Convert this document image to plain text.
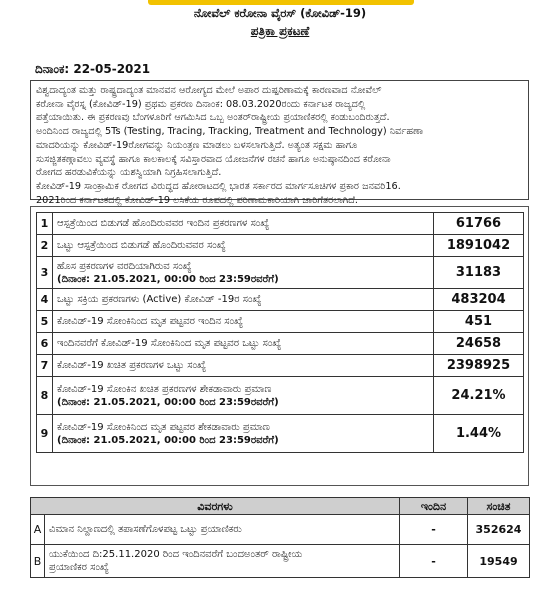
ನೋವೆಲ್ ಕರೋನಾ ವೈರಸ್ (ಕೋವಿಡ್-19)
ಪತ್ರಿಕಾ ಪ್ರಕಟಣೆ
ದಿನಾಂಕ: 22-05-2021
ವಿಶ್ವದಾದ್ಯಂತ ಮತ್ತು ರಾಷ್ಟ್ರದಾದ್ಯಂತ ಮಾನವನ ಆರೋಗ್ಯದ ಮೇಲೆ ಅಪಾರ ದುಷ್ಪರಿಣಾಮಕ್ಕೆ ಕಾರಣವಾದ ನೋವೆಲ್
ಕರೋನಾ ವೈರಸ್ನ (ಕೋವಿಡ್-19) ಪ್ರಥಮ ಪ್ರಕರಣ ದಿನಾಂಕ: 08.03.2020ರಂದು ಕರ್ನಾಟಕ ರಾಜ್ಯದಲ್ಲಿ
ಪತ್ತೆಯಾಯಿತು. ಈ ಪ್ರಕರಣವು ಬೆಂಗಳೂರಿಗೆ ಆಗಮಿಸಿದ ಒಬ್ಬ ಅಂತರ್‌ರಾಷ್ಟ್ರೀಯ ಪ್ರಯಾಣಿಕರಲ್ಲಿ ಕಂಡುಬಂದಿರುತ್ತದೆ.
ಅಂದಿನಿಂದ ರಾಜ್ಯದಲ್ಲಿ 5Ts (Testing, Tracing, Tracking, Treatment and Technology) ನಿರ್ವಹಣಾ
ಮಾದರಿಯನ್ನು ಕೋವಿಡ್-19ರೋಗವನ್ನು ನಿಯಂತ್ರಣ ಮಾಡಲು ಬಳಸಲಾಗುತ್ತಿದೆ. ಅತ್ಯಂತ ಸಕ್ಷಮ ಹಾಗೂ
ಸುಸಜ್ಜಿತಕಣ್ಗಾವಲು ವ್ಯವಸ್ಥೆ ಹಾಗೂ ಕಾಲಕಾಲಕ್ಕೆ ಸವಿಸ್ತಾರವಾದ ಯೋಜನೆಗಳ ರಚನೆ ಹಾಗೂ ಅನುಷ್ಠಾನದಿಂದ ಕರೋನಾ
ರೋಗದ ಹರಡುವಿಕೆಯನ್ನು ಯಶಸ್ವಿಯಾಗಿ ನಿಗ್ರಹಿಸಲಾಗುತ್ತಿದೆ.
ಕೋವಿಡ್-19 ಸಾಂಕ್ರಾಮಿಕ ರೋಗದ ವಿರುದ್ಧದ ಹೋರಾಟದಲ್ಲಿ ಭಾರತ ಸರ್ಕಾರದ ಮಾರ್ಗಸೂಚಿಗಳ ಪ್ರಕಾರ ಜನವರಿ16.
2021ರಿಂದ ಕರ್ನಾಟಕದಲ್ಲಿ ಕೋವಿಡ್-19 ಲಸಿಕೆಯ ರೂಪದಲ್ಲಿ ಪರಿಣಾಮಕಾರಿಯಾಗಿ ಜಾರಿಗೆತರಲಾಗಿದೆ.
1	ಆಸ್ಪತ್ರೆಯಿಂದ ಬಿಡುಗಡೆ ಹೊಂದಿರುವವರ ಇಂದಿನ ಪ್ರಕರಣಗಳ ಸಂಖ್ಯೆ	61766
2	ಒಟ್ಟು ಆಸ್ಪತ್ರೆಯಿಂದ ಬಿಡುಗಡೆ ಹೊಂದಿರುವವರ ಸಂಖ್ಯೆ	1891042
3	ಹೊಸ ಪ್ರಕರಣಗಳ ವರದಿಯಾಗಿರುವ ಸಂಖ್ಯೆ
(ದಿನಾಂಕ: 21.05.2021, 00:00 ರಿಂದ 23:59ರವರೆಗೆ)	31183
4	ಒಟ್ಟು ಸಕ್ರಿಯ ಪ್ರಕರಣಗಳು (Active) ಕೋವಿಡ್ -19ರ ಸಂಖ್ಯೆ	483204
5	ಕೋವಿಡ್-19 ಸೋಂಕಿನಿಂದ ಮೃತ ಪಟ್ಟವರ ಇಂದಿನ ಸಂಖ್ಯೆ	451
6	ಇಂದಿನವರೆಗೆ ಕೋವಿಡ್-19 ಸೋಂಕಿನಿಂದ ಮೃತ ಪಟ್ಟವರ ಒಟ್ಟು ಸಂಖ್ಯೆ	24658
7	ಕೋವಿಡ್-19 ಖಚಿತ ಪ್ರಕರಣಗಳ ಒಟ್ಟು ಸಂಖ್ಯೆ	2398925
8	ಕೋವಿಡ್-19 ಸೋಂಕಿನ ಖಚಿತ ಪ್ರಕರಣಗಳ ಶೇಕಡಾವಾರು ಪ್ರಮಾಣ
(ದಿನಾಂಕ: 21.05.2021, 00:00 ರಿಂದ 23:59ರವರೆಗೆ)	24.21%
9	ಕೋವಿಡ್-19 ಸೋಂಕಿನಿಂದ ಮೃತ ಪಟ್ಟವರ ಶೇಕಡಾವಾರು ಪ್ರಮಾಣ
(ದಿನಾಂಕ: 21.05.2021, 00:00 ರಿಂದ 23:59ರವರೆಗೆ)	1.44%
ವಿವರಗಳು		ಇಂದಿನ	ಸಂಚಿತ
A	ವಿಮಾನ ನಿಲ್ದಾಣದಲ್ಲಿ ತಪಾಸಣೆಗೊಳಪಟ್ಟ ಒಟ್ಟು ಪ್ರಯಾಣಿಕರು	-	352624
B	ಯುಕೆಯಿಂದ ದಿ:25.11.2020 ರಿಂದ ಇಂದಿನವರೆಗೆ ಬಂದಅಂತರ್ ರಾಷ್ಟ್ರೀಯ
ಪ್ರಯಾಣಿಕರ ಸಂಖ್ಯೆ	-	19549
